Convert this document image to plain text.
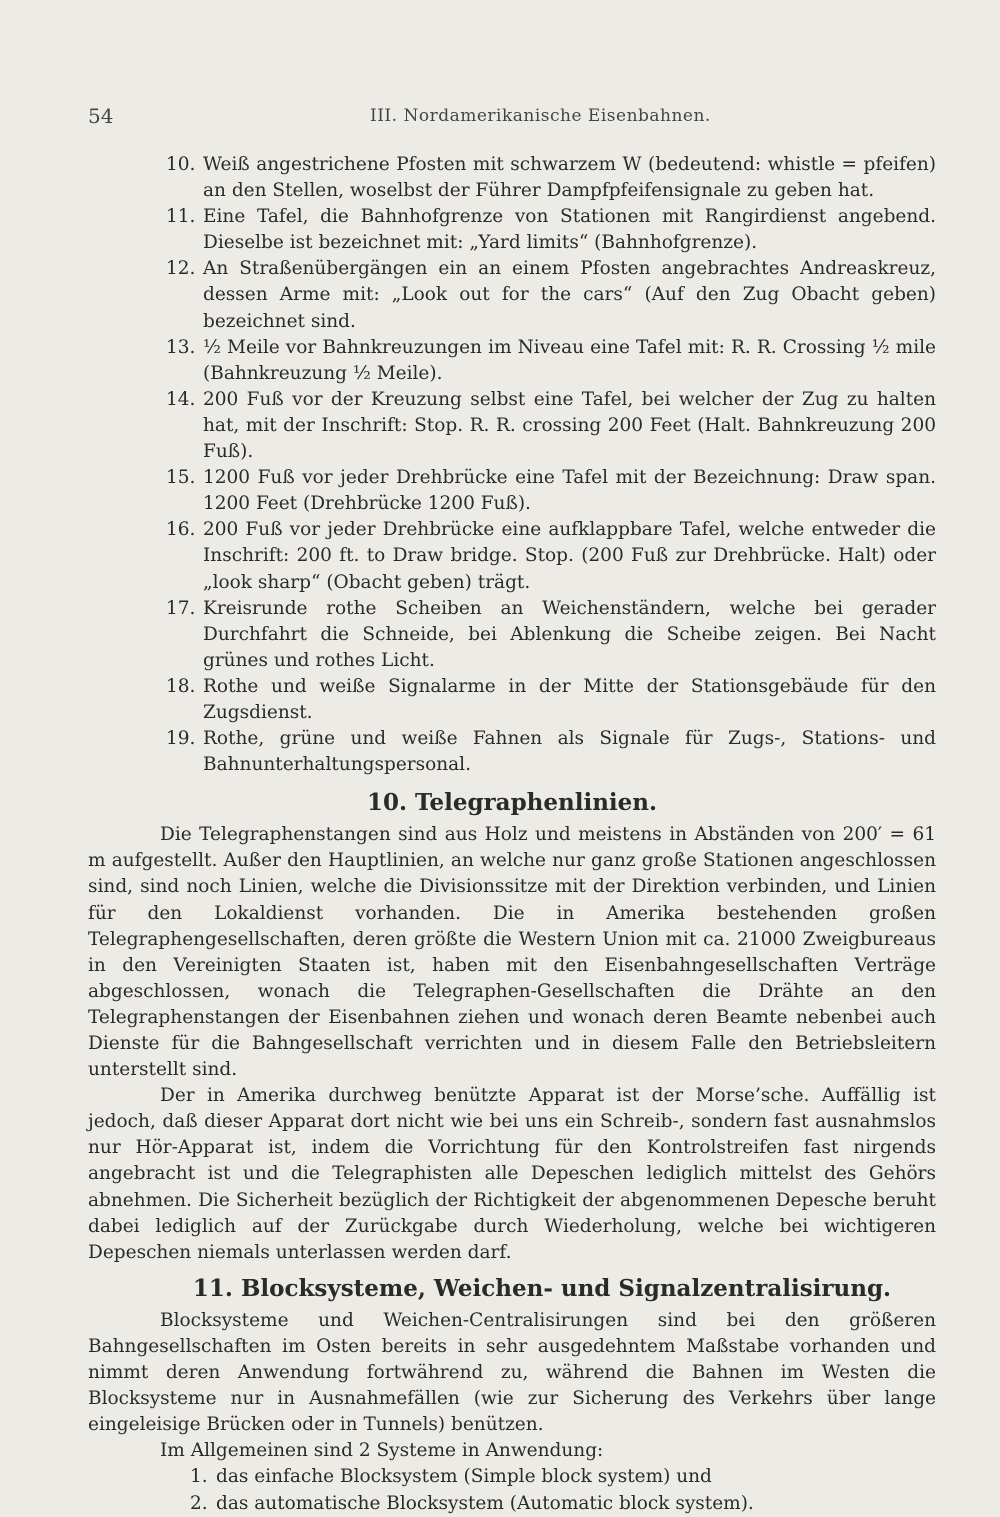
54	III. Nordamerikanische Eisenbahnen.
10. Weiß angestrichene Pfosten mit schwarzem W (bedeutend: whistle = pfeifen) an den Stellen, woselbst der Führer Dampfpfeifensignale zu geben hat.
11. Eine Tafel, die Bahnhofgrenze von Stationen mit Rangirdienst angebend. Dieselbe ist bezeichnet mit: „Yard limits“ (Bahnhofgrenze).
12. An Straßenübergängen ein an einem Pfosten angebrachtes Andreaskreuz, dessen Arme mit: „Look out for the cars“ (Auf den Zug Obacht geben) bezeichnet sind.
13. ½ Meile vor Bahnkreuzungen im Niveau eine Tafel mit: R. R. Crossing ½ mile (Bahnkreuzung ½ Meile).
14. 200 Fuß vor der Kreuzung selbst eine Tafel, bei welcher der Zug zu halten hat, mit der Inschrift: Stop. R. R. crossing 200 Feet (Halt. Bahnkreuzung 200 Fuß).
15. 1200 Fuß vor jeder Drehbrücke eine Tafel mit der Bezeichnung: Draw span. 1200 Feet (Drehbrücke 1200 Fuß).
16. 200 Fuß vor jeder Drehbrücke eine aufklappbare Tafel, welche entweder die Inschrift: 200 ft. to Draw bridge. Stop. (200 Fuß zur Drehbrücke. Halt) oder „look sharp“ (Obacht geben) trägt.
17. Kreisrunde rothe Scheiben an Weichenständern, welche bei gerader Durchfahrt die Schneide, bei Ablenkung die Scheibe zeigen. Bei Nacht grünes und rothes Licht.
18. Rothe und weiße Signalarme in der Mitte der Stationsgebäude für den Zugsdienst.
19. Rothe, grüne und weiße Fahnen als Signale für Zugs-, Stations- und Bahnunterhaltungspersonal.
10. Telegraphenlinien.

Die Telegraphenstangen sind aus Holz und meistens in Abständen von 200′ = 61 m aufgestellt. Außer den Hauptlinien, an welche nur ganz große Stationen angeschlossen sind, sind noch Linien, welche die Divisionssitze mit der Direktion verbinden, und Linien für den Lokaldienst vorhanden. Die in Amerika bestehenden großen Telegraphengesellschaften, deren größte die Western Union mit ca. 21000 Zweigbureaus in den Vereinigten Staaten ist, haben mit den Eisenbahngesellschaften Verträge abgeschlossen, wonach die Telegraphen-Gesellschaften die Drähte an den Telegraphenstangen der Eisenbahnen ziehen und wonach deren Beamte nebenbei auch Dienste für die Bahngesellschaft verrichten und in diesem Falle den Betriebsleitern unterstellt sind.

Der in Amerika durchweg benützte Apparat ist der Morse’sche. Auffällig ist jedoch, daß dieser Apparat dort nicht wie bei uns ein Schreib-, sondern fast ausnahmslos nur Hör-Apparat ist, indem die Vorrichtung für den Kontrolstreifen fast nirgends angebracht ist und die Telegraphisten alle Depeschen lediglich mittelst des Gehörs abnehmen. Die Sicherheit bezüglich der Richtigkeit der abgenommenen Depesche beruht dabei lediglich auf der Zurückgabe durch Wiederholung, welche bei wichtigeren Depeschen niemals unterlassen werden darf.

11. Blocksysteme, Weichen- und Signalzentralisirung.

Blocksysteme und Weichen-Centralisirungen sind bei den größeren Bahngesellschaften im Osten bereits in sehr ausgedehntem Maßstabe vorhanden und nimmt deren Anwendung fortwährend zu, während die Bahnen im Westen die Blocksysteme nur in Ausnahmefällen (wie zur Sicherung des Verkehrs über lange eingeleisige Brücken oder in Tunnels) benützen.

Im Allgemeinen sind 2 Systeme in Anwendung:

1. das einfache Blocksystem (Simple block system) und
2. das automatische Blocksystem (Automatic block system).
